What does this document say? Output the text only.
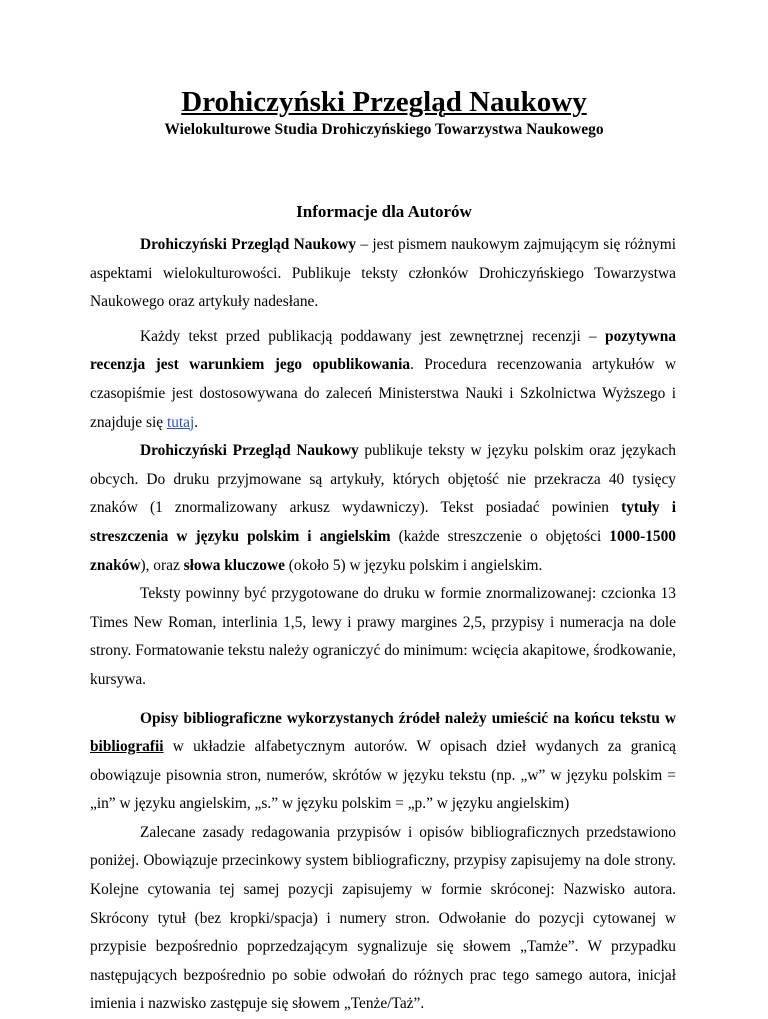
Drohiczyński Przegląd Naukowy
Wielokulturowe Studia Drohiczyńskiego Towarzystwa Naukowego
Informacje dla Autorów

Drohiczyński Przegląd Naukowy – jest pismem naukowym zajmującym się różnymi aspektami wielokulturowości. Publikuje teksty członków Drohiczyńskiego Towarzystwa Naukowego oraz artykuły nadesłane.

Każdy tekst przed publikacją poddawany jest zewnętrznej recenzji – pozytywna recenzja jest warunkiem jego opublikowania. Procedura recenzowania artykułów w czasopiśmie jest dostosowywana do zaleceń Ministerstwa Nauki i Szkolnictwa Wyższego i znajduje się tutaj.

Drohiczyński Przegląd Naukowy publikuje teksty w języku polskim oraz językach obcych. Do druku przyjmowane są artykuły, których objętość nie przekracza 40 tysięcy znaków (1 znormalizowany arkusz wydawniczy). Tekst posiadać powinien tytuły i streszczenia w języku polskim i angielskim (każde streszczenie o objętości 1000-1500 znaków), oraz słowa kluczowe (około 5) w języku polskim i angielskim.

Teksty powinny być przygotowane do druku w formie znormalizowanej: czcionka 13 Times New Roman, interlinia 1,5, lewy i prawy margines 2,5, przypisy i numeracja na dole strony. Formatowanie tekstu należy ograniczyć do minimum: wcięcia akapitowe, środkowanie, kursywa.

Opisy bibliograficzne wykorzystanych źródeł należy umieścić na końcu tekstu w bibliografii w układzie alfabetycznym autorów. W opisach dzieł wydanych za granicą obowiązuje pisownia stron, numerów, skrótów w języku tekstu (np. „w” w języku polskim = „in” w języku angielskim, „s.” w języku polskim = „p.” w języku angielskim)

Zalecane zasady redagowania przypisów i opisów bibliograficznych przedstawiono poniżej. Obowiązuje przecinkowy system bibliograficzny, przypisy zapisujemy na dole strony. Kolejne cytowania tej samej pozycji zapisujemy w formie skróconej: Nazwisko autora. Skrócony tytuł (bez kropki/spacja) i numery stron. Odwołanie do pozycji cytowanej w przypisie bezpośrednio poprzedzającym sygnalizuje się słowem „Tamże”. W przypadku następujących bezpośrednio po sobie odwołań do różnych prac tego samego autora, inicjał imienia i nazwisko zastępuje się słowem „Tenże/Taż”.
